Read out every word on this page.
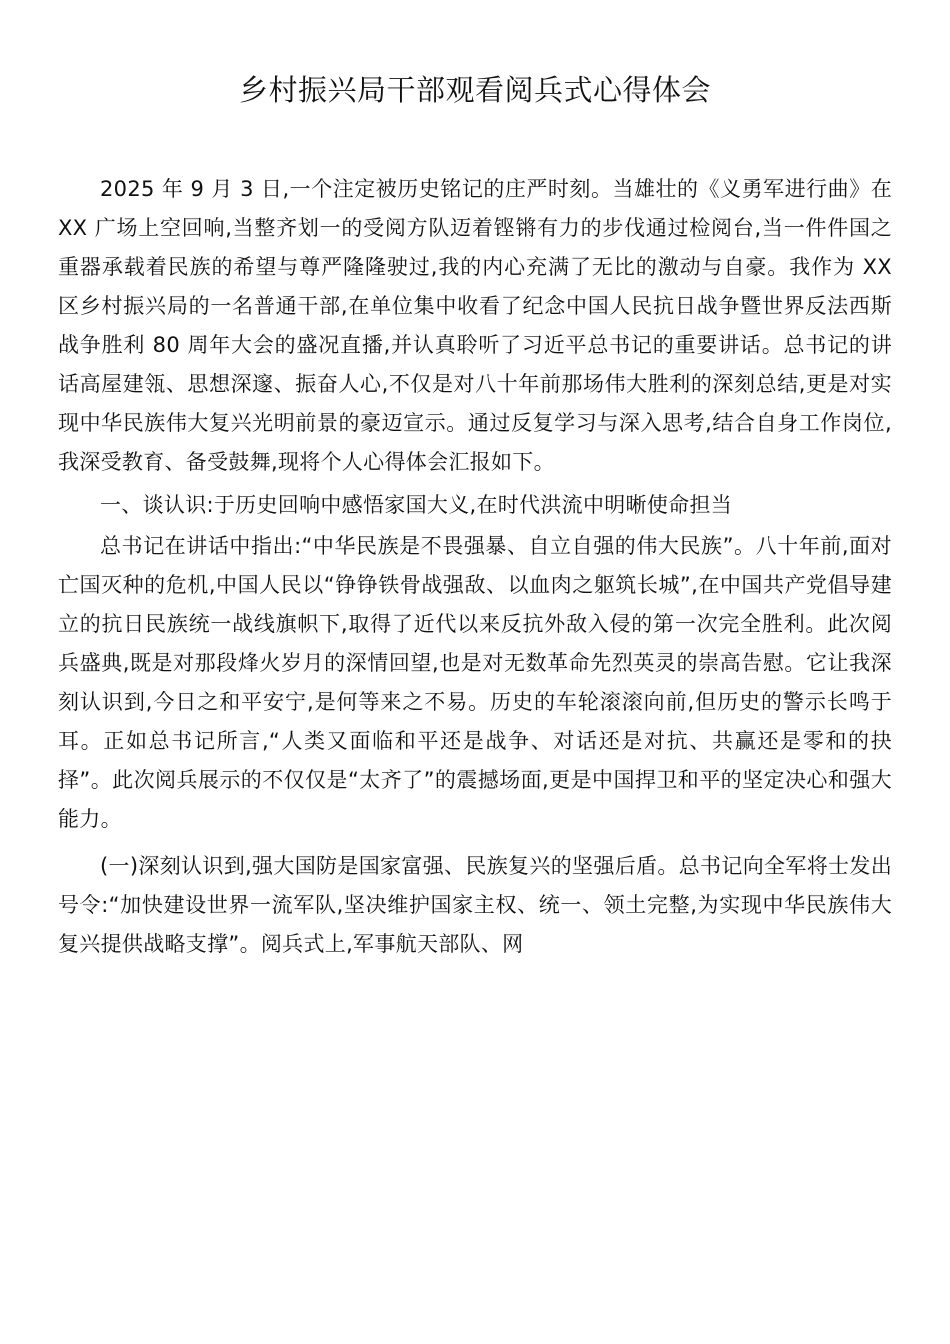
乡村振兴局干部观看阅兵式心得体会

2025 年 9 月 3 日,一个注定被历史铭记的庄严时刻。当雄壮的《义勇军进行曲》在 XX 广场上空回响,当整齐划一的受阅方队迈着铿锵有力的步伐通过检阅台,当一件件国之重器承载着民族的希望与尊严隆隆驶过,我的内心充满了无比的激动与自豪。我作为 XX 区乡村振兴局的一名普通干部,在单位集中收看了纪念中国人民抗日战争暨世界反法西斯战争胜利 80 周年大会的盛况直播,并认真聆听了习近平总书记的重要讲话。总书记的讲话高屋建瓴、思想深邃、振奋人心,不仅是对八十年前那场伟大胜利的深刻总结,更是对实现中华民族伟大复兴光明前景的豪迈宣示。通过反复学习与深入思考,结合自身工作岗位,我深受教育、备受鼓舞,现将个人心得体会汇报如下。

一、谈认识:于历史回响中感悟家国大义,在时代洪流中明晰使命担当

总书记在讲话中指出:“中华民族是不畏强暴、自立自强的伟大民族”。八十年前,面对亡国灭种的危机,中国人民以“铮铮铁骨战强敌、以血肉之躯筑长城”,在中国共产党倡导建立的抗日民族统一战线旗帜下,取得了近代以来反抗外敌入侵的第一次完全胜利。此次阅兵盛典,既是对那段烽火岁月的深情回望,也是对无数革命先烈英灵的崇高告慰。它让我深刻认识到,今日之和平安宁,是何等来之不易。历史的车轮滚滚向前,但历史的警示长鸣于耳。正如总书记所言,“人类又面临和平还是战争、对话还是对抗、共赢还是零和的抉择”。此次阅兵展示的不仅仅是“太齐了”的震撼场面,更是中国捍卫和平的坚定决心和强大能力。

(一)深刻认识到,强大国防是国家富强、民族复兴的坚强后盾。总书记向全军将士发出号令:“加快建设世界一流军队,坚决维护国家主权、统一、领土完整,为实现中华民族伟大复兴提供战略支撑”。阅兵式上,军事航天部队、网
